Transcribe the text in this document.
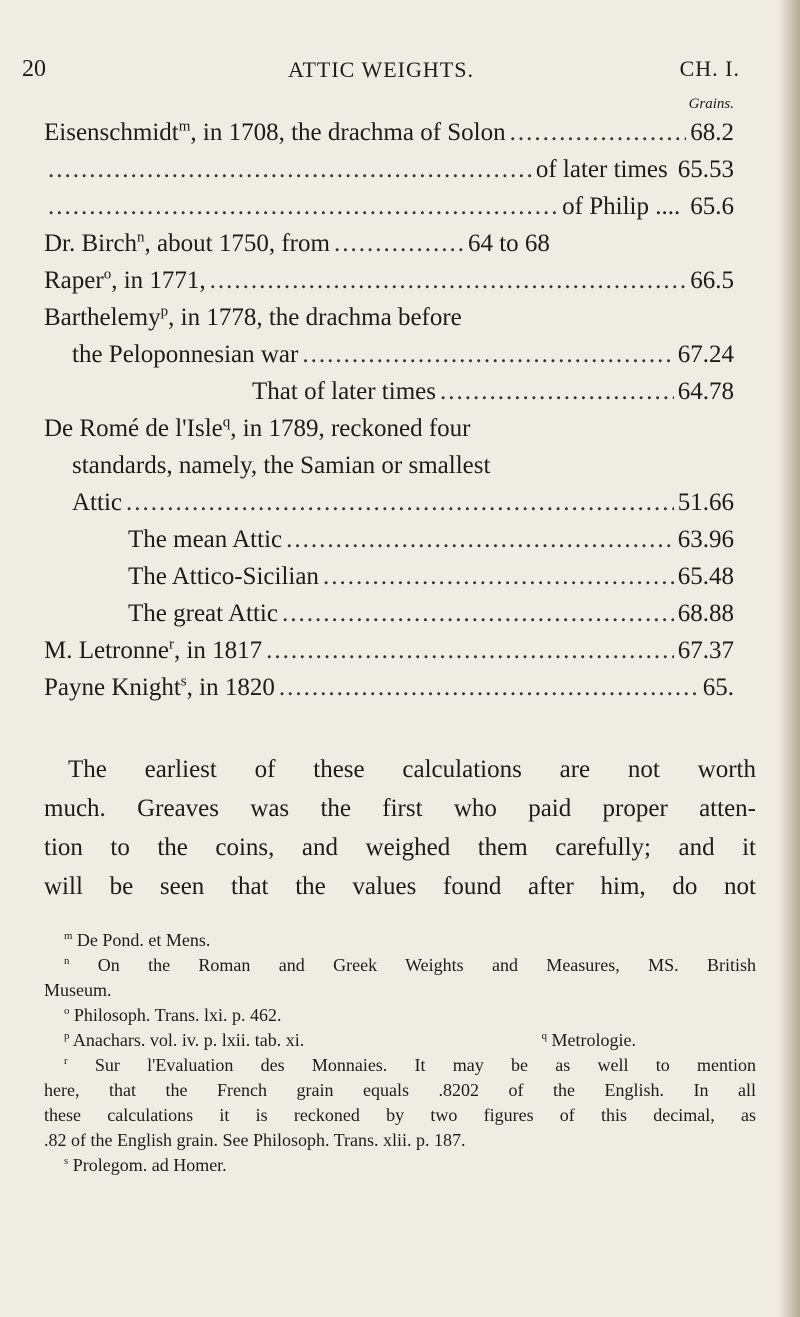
20	ATTIC WEIGHTS.	CH. I.
Grains.
Eisenschmidt$^m$, in 1708, the drachma of Solon .....	68.2
.....
of later times 65.53
.....
of Philip .... 65.6
Dr. Birch$^n$, about 1750, from .....	64 to 68
Raper$^o$, in 1771, .....	66.5
Barthelemy$^p$, in 1778, the drachma before
the Peloponnesian war .....	67.24
That of later times .....	64.78
De Romé de l'Isle$^q$, in 1789, reckoned four
standards, namely, the Samian or smallest
Attic .....	51.66
The mean Attic .....	63.96
The Attico-Sicilian .....	65.48
The great Attic .....	68.88
M. Letronne$^r$, in 1817 .....	67.37
Payne Knight$^s$, in 1820 .....	65.
The earliest of these calculations are not worth
much. Greaves was the first who paid proper atten-
tion to the coins, and weighed them carefully; and it
will be seen that the values found after him, do not
$^m$ De Pond. et Mens.
$^n$ On the Roman and Greek Weights and Measures, MS. British
Museum.
$^o$ Philosoph. Trans. lxi. p. 462.
$^p$ Anachars. vol. iv. p. lxii. tab. xi.	$^q$ Metrologie.
$^r$ Sur l'Evaluation des Monnaies. It may be as well to mention
here, that the French grain equals .8202 of the English. In all
these calculations it is reckoned by two figures of this decimal, as
.82 of the English grain. See Philosoph. Trans. xlii. p. 187.
$^s$ Prolegom. ad Homer.
